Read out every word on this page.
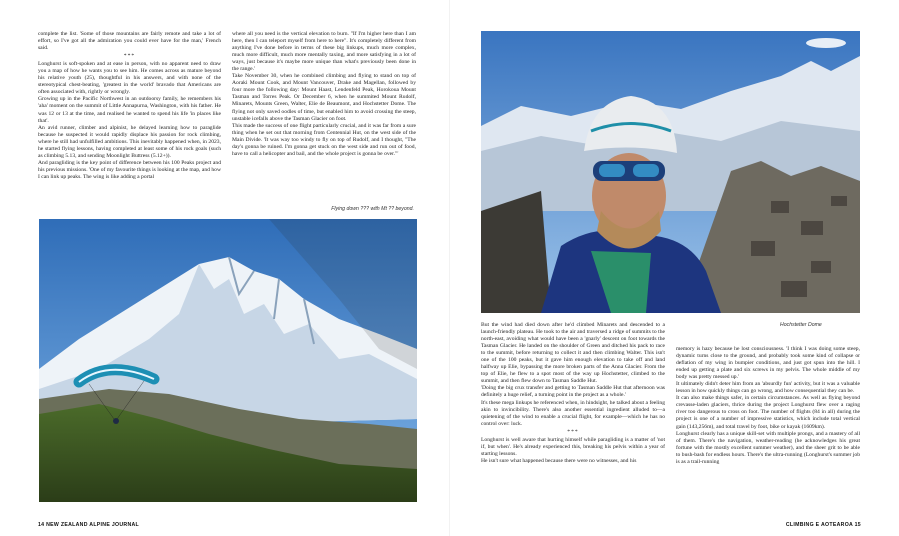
complete the list. 'Some of those mountains are fairly remote and take a lot of effort, so I've got all the admiration you could ever have for the man,' French said.

***

Longhurst is soft-spoken and at ease in person, with no apparent need to draw you a map of how he wants you to see him. He comes across as mature beyond his relative youth (25), thoughtful in his answers, and with none of the stereotypical chest-beating, 'greatest in the world' bravado that Americans are often associated with, rightly or wrongly.

Growing up in the Pacific Northwest in an outdoorsy family, he remembers his 'aha' moment on the summit of Little Annapurna, Washington, with his father. He was 12 or 13 at the time, and realised he wanted to spend his life 'in places like that'.

An avid runner, climber and alpinist, he delayed learning how to paraglide because he suspected it would rapidly displace his passion for rock climbing, where he still had unfulfilled ambitions. This inevitably happened when, in 2023, he started flying lessons, having completed at least some of his rock goals (such as climbing 5.13, and sending Moonlight Buttress (5.12+)).

And paragliding is the key point of difference between his 100 Peaks project and his previous missions. 'One of my favourite things is looking at the map, and how I can link up peaks. The wing is like adding a portal

where all you need is the vertical elevation to burn. "If I'm higher here than I am here, then I can teleport myself from here to here". It's completely different from anything I've done before in terms of these big linkups, much more complex, much more difficult, much more mentally taxing, and more satisfying in a lot of ways, just because it's maybe more unique than what's previously been done in the range.'

Take November 30, when he combined climbing and flying to stand on top of Aoraki Mount Cook, and Mount Vancouver, Drake and Magellan, followed by four more the following day: Mount Haast, Lendenfeld Peak, Horokoua Mount Tasman and Torres Peak. Or December 6, when he summited Mount Rudolf, Minarets, Mounts Green, Walter, Elie de Beaumont, and Hochstetter Dome. The flying not only saved oodles of time, but enabled him to avoid crossing the steep, unstable icefalls above the Tasman Glacier on foot.

This made the success of one flight particularly crucial, and it was far from a sure thing when he set out that morning from Centennial Hut, on the west side of the Main Divide. 'It was way too windy to fly on top of Rudolf, and I thought, "The day's gonna be ruined. I'm gonna get stuck on the west side and run out of food, have to call a helicopter and bail, and the whole project is gonna be over."'

Flying down ??? with Mt ?? beyond.
14 NEW ZEALAND ALPINE JOURNAL
Hochstetter Dome

But the wind had died down after he'd climbed Minarets and descended to a launch-friendly plateau. He took to the air and traversed a ridge of summits to the north-east, avoiding what would have been a 'gnarly' descent on foot towards the Tasman Glacier. He landed on the shoulder of Green and ditched his pack to race to the summit, before returning to collect it and then climbing Walter. This isn't one of the 100 peaks, but it gave him enough elevation to take off and land halfway up Elie, bypassing the more broken parts of the Anna Glacier. From the top of Elie, he flew to a spot most of the way up Hochstetter, climbed to the summit, and then flew down to Tasman Saddle Hut.

'Doing the big crux transfer and getting to Tasman Saddle Hut that afternoon was definitely a huge relief, a turning point in the project as a whole.'

It's these mega linkups he referenced when, in hindsight, he talked about a feeling akin to invincibility. There's also another essential ingredient alluded to—a quietening of the wind to enable a crucial flight, for example—which he has no control over: luck.

***

Longhurst is well aware that hurting himself while paragliding is a matter of 'not if, but when'. He's already experienced this, breaking his pelvis within a year of starting lessons.

He isn't sure what happened because there were no witnesses, and his

memory is hazy because he lost consciousness. 'I think I was doing some steep, dynamic turns close to the ground, and probably took some kind of collapse or deflation of my wing in bumpier conditions, and just got spun into the hill. I ended up getting a plate and six screws in my pelvis. The whole middle of my body was pretty messed up.'

It ultimately didn't deter him from an 'absurdly fun' activity, but it was a valuable lesson in how quickly things can go wrong, and how consequential they can be.

It can also make things safer, in certain circumstances. As well as flying beyond crevasse-laden glaciers, thrice during the project Longhurst flew over a raging river too dangerous to cross on foot. The number of flights (84 in all) during the project is one of a number of impressive statistics, which include total vertical gain (143,256m), and total travel by foot, bike or kayak (1609km).

Longhurst clearly has a unique skill-set with multiple prongs, and a mastery of all of them. There's the navigation, weather-reading (he acknowledges his great fortune with the mostly excellent summer weather), and the sheer grit to be able to bush-bash for endless hours. There's the ultra-running (Longhurst's summer job is as a trail-running

CLIMBING E AOTEAROA 15
